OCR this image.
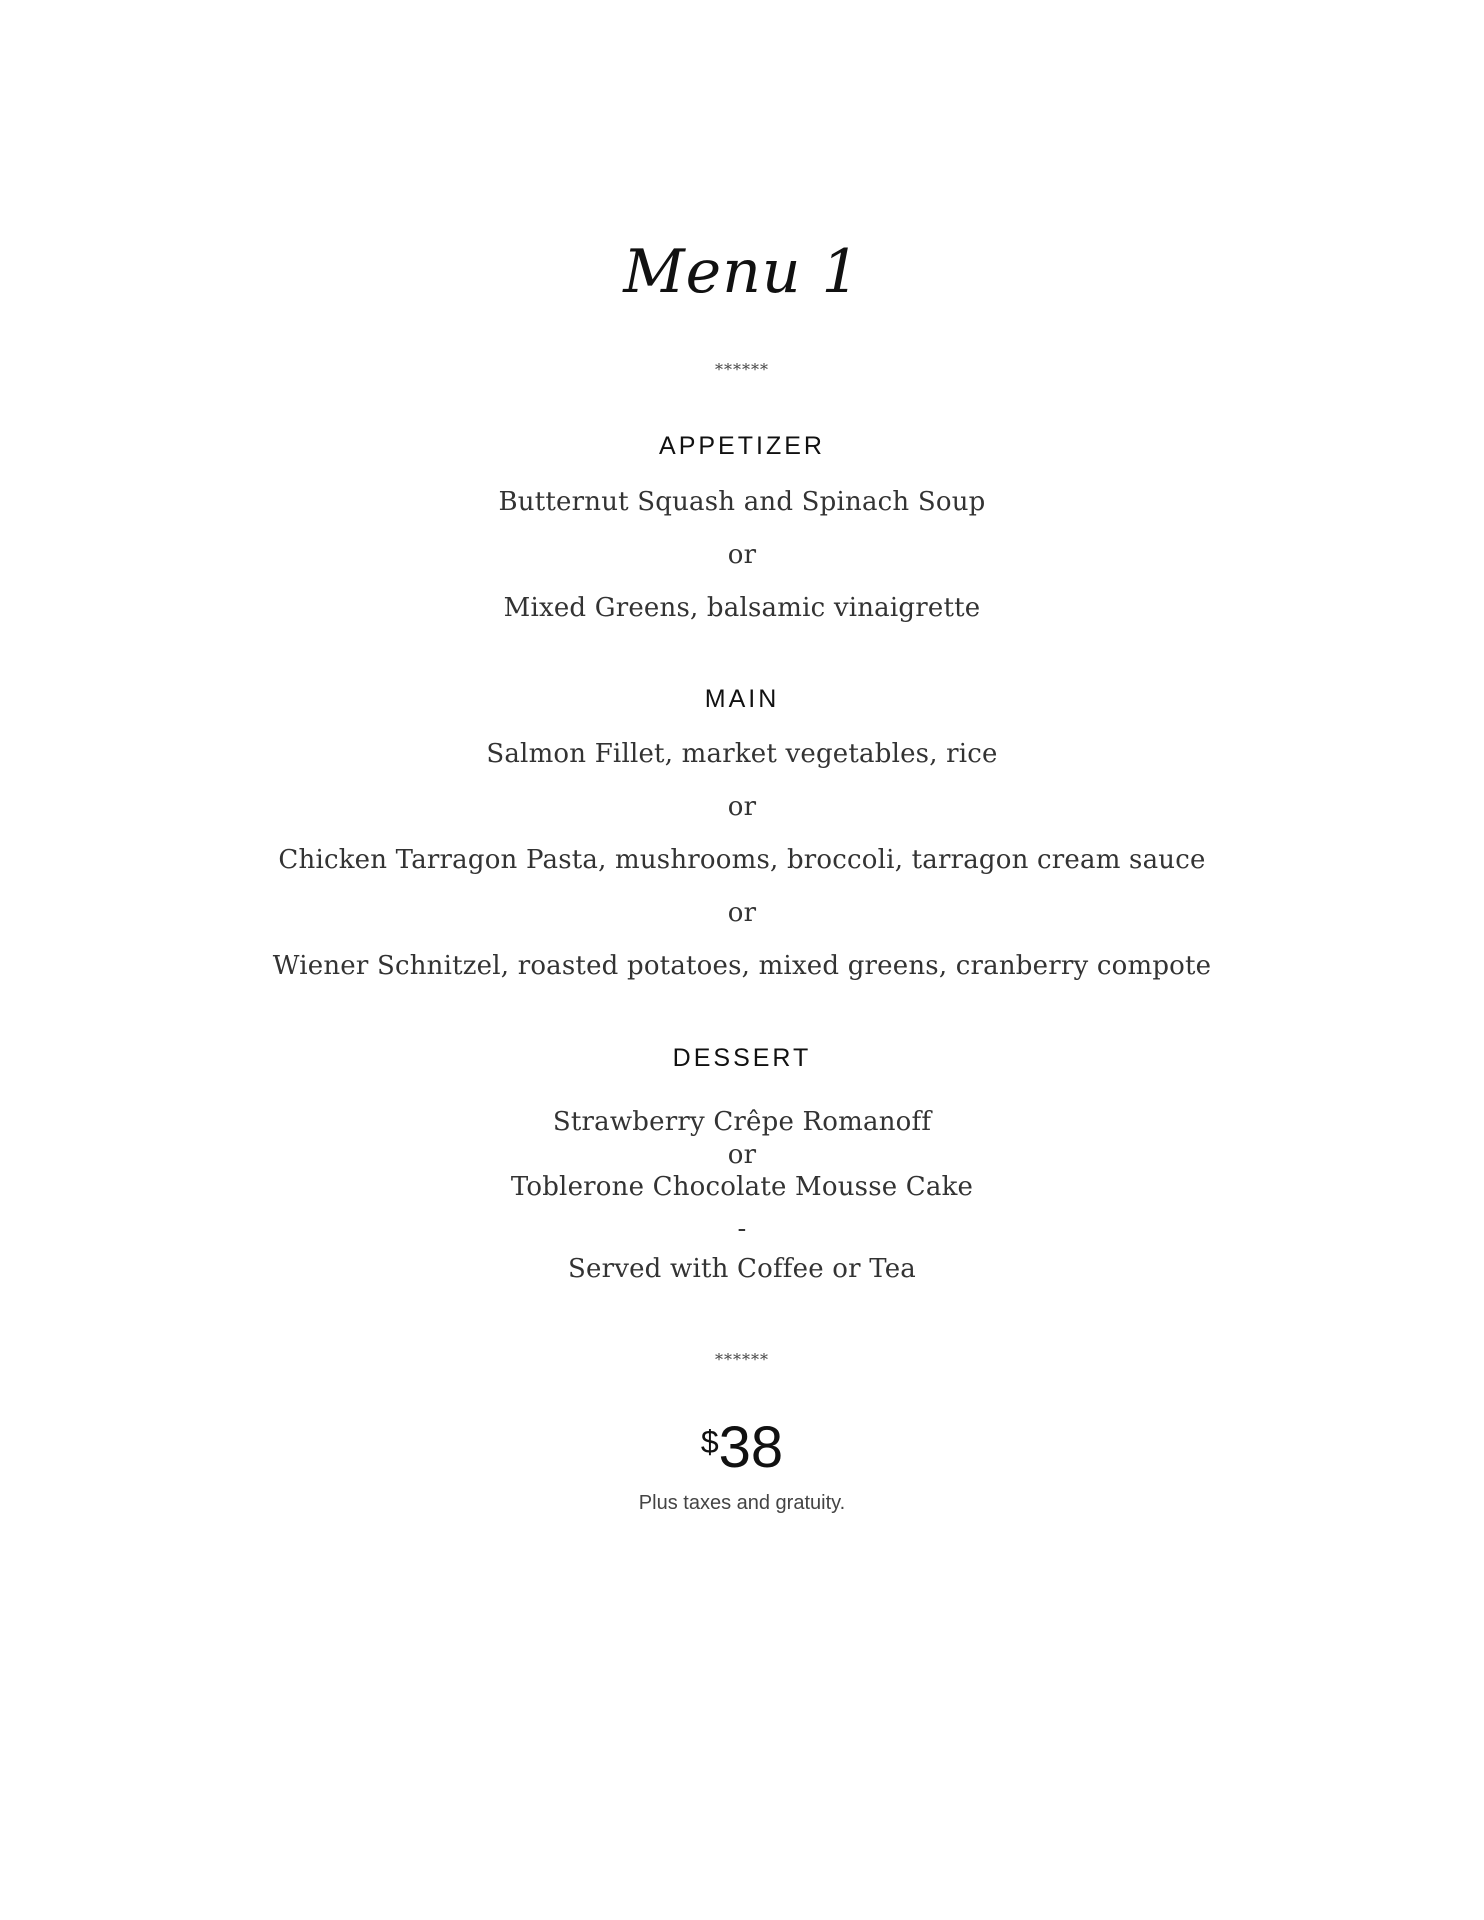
Menu 1
******
APPETIZER
Butternut Squash and Spinach Soup
or
Mixed Greens, balsamic vinaigrette
MAIN
Salmon Fillet, market vegetables, rice
or
Chicken Tarragon Pasta, mushrooms, broccoli, tarragon cream sauce
or
Wiener Schnitzel, roasted potatoes, mixed greens, cranberry compote
DESSERT
Strawberry Crêpe Romanoff
or
Toblerone Chocolate Mousse Cake
-
Served with Coffee or Tea
******
$38
Plus taxes and gratuity.
